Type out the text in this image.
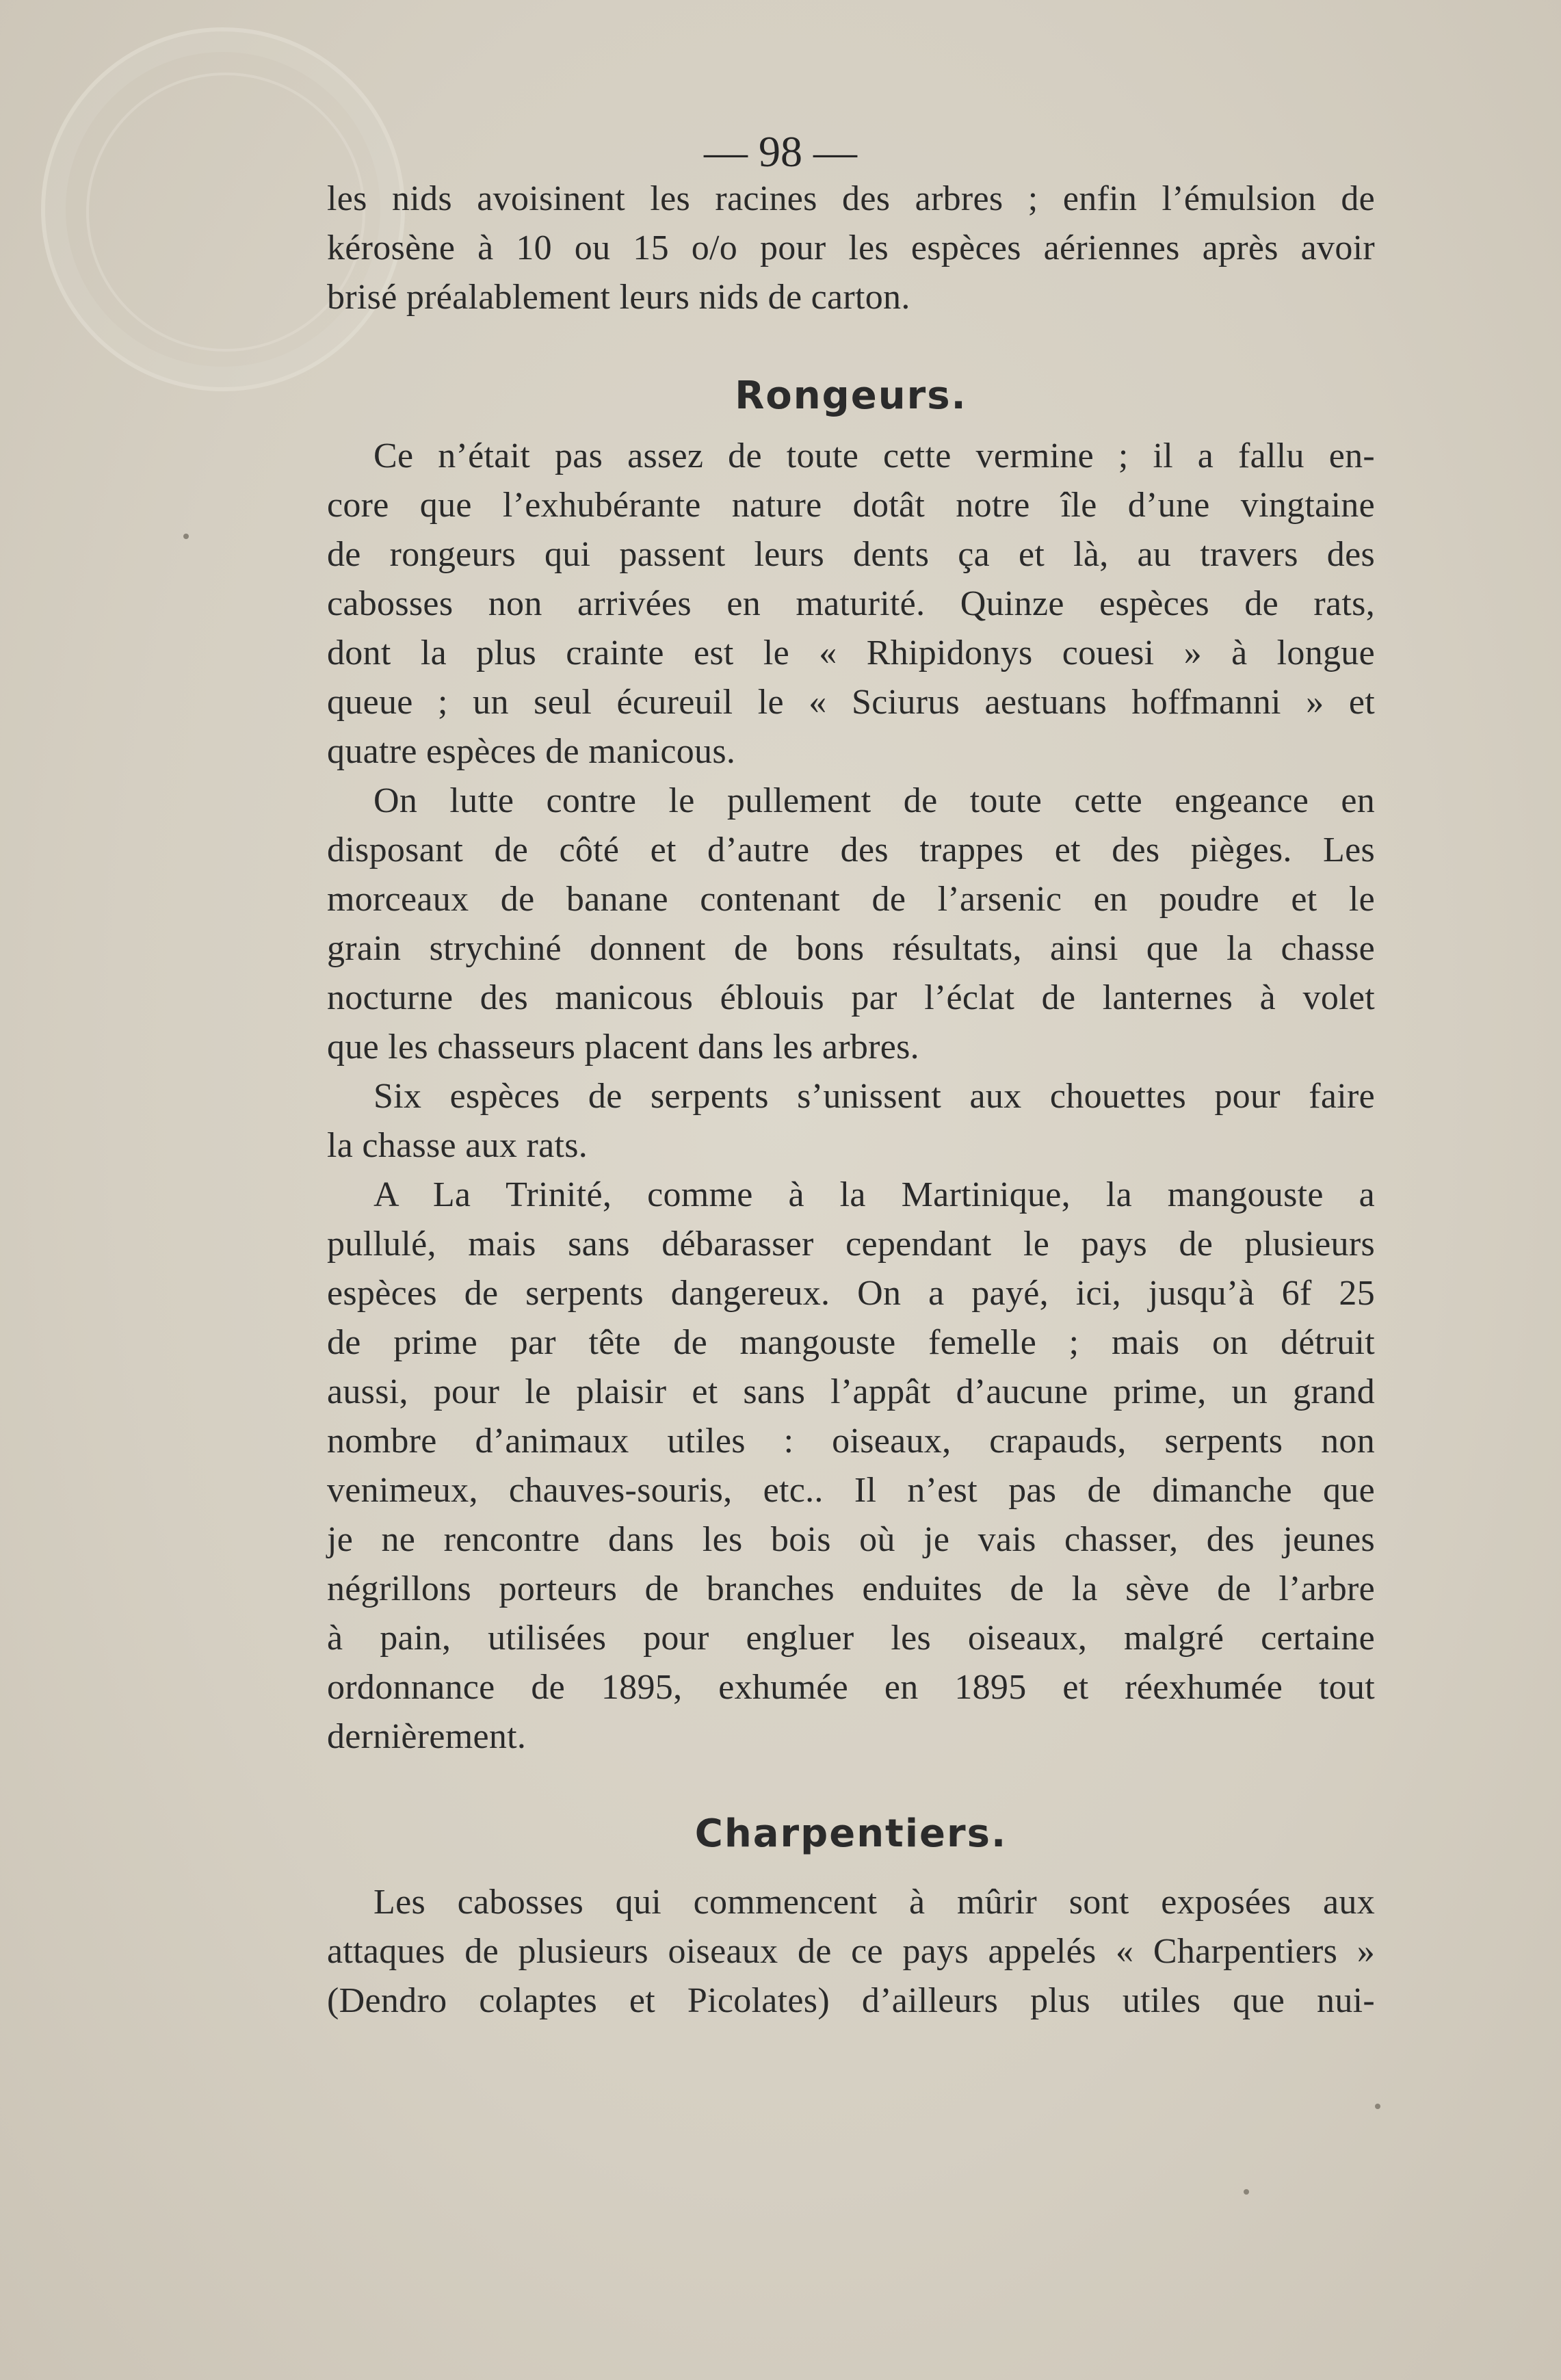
— 98 —
les nids avoisinent les racines des arbres ; enfin l’émulsion de
kérosène à 10 ou 15 o/o pour les espèces aériennes après avoir
brisé préalablement leurs nids de carton.
Rongeurs.
Ce n’était pas assez de toute cette vermine ; il a fallu en-
core que l’exhubérante nature dotât notre île d’une vingtaine
de rongeurs qui passent leurs dents ça et là, au travers des
cabosses non arrivées en maturité. Quinze espèces de rats,
dont la plus crainte est le « Rhipidonys couesi » à longue
queue ; un seul écureuil le « Sciurus aestuans hoffmanni » et
quatre espèces de manicous.
On lutte contre le pullement de toute cette engeance en
disposant de côté et d’autre des trappes et des pièges. Les
morceaux de banane contenant de l’arsenic en poudre et le
grain strychiné donnent de bons résultats, ainsi que la chasse
nocturne des manicous éblouis par l’éclat de lanternes à volet
que les chasseurs placent dans les arbres.
Six espèces de serpents s’unissent aux chouettes pour faire
la chasse aux rats.
A La Trinité, comme à la Martinique, la mangouste a
pullulé, mais sans débarasser cependant le pays de plusieurs
espèces de serpents dangereux. On a payé, ici, jusqu’à 6f 25
de prime par tête de mangouste femelle ; mais on détruit
aussi, pour le plaisir et sans l’appât d’aucune prime, un grand
nombre d’animaux utiles : oiseaux, crapauds, serpents non
venimeux, chauves-souris, etc.. Il n’est pas de dimanche que
je ne rencontre dans les bois où je vais chasser, des jeunes
négrillons porteurs de branches enduites de la sève de l’arbre
à pain, utilisées pour engluer les oiseaux, malgré certaine
ordonnance de 1895, exhumée en 1895 et réexhumée tout
dernièrement.
Charpentiers.
Les cabosses qui commencent à mûrir sont exposées aux
attaques de plusieurs oiseaux de ce pays appelés « Charpentiers »
(Dendro colaptes et Picolates) d’ailleurs plus utiles que nui-
